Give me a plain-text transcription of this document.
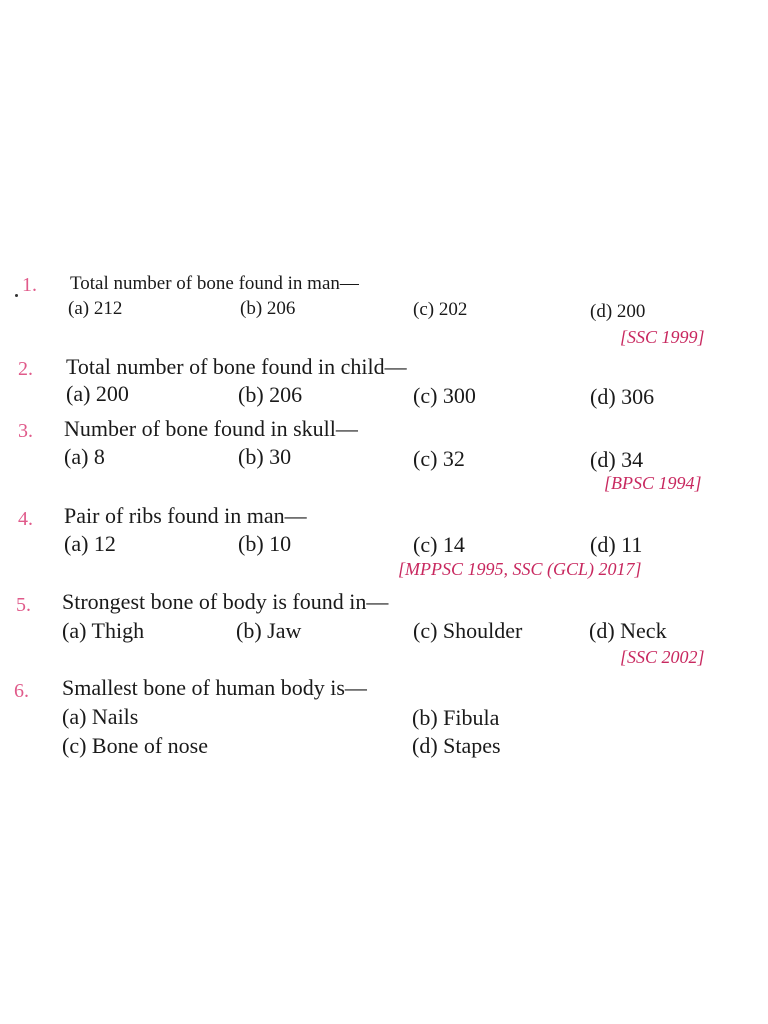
1. Total number of bone found in man—
(a) 212	(b) 206	(c) 202	(d) 200
[SSC 1999]
2. Total number of bone found in child—
(a) 200	(b) 206	(c) 300	(d) 306
3. Number of bone found in skull—
(a) 8	(b) 30	(c) 32	(d) 34
[BPSC 1994]
4. Pair of ribs found in man—
(a) 12	(b) 10	(c) 14	(d) 11
[MPPSC 1995, SSC (GCL) 2017]
5. Strongest bone of body is found in—
(a) Thigh	(b) Jaw	(c) Shoulder	(d) Neck
[SSC 2002]
6. Smallest bone of human body is—
(a) Nails	(b) Fibula
(c) Bone of nose	(d) Stapes
